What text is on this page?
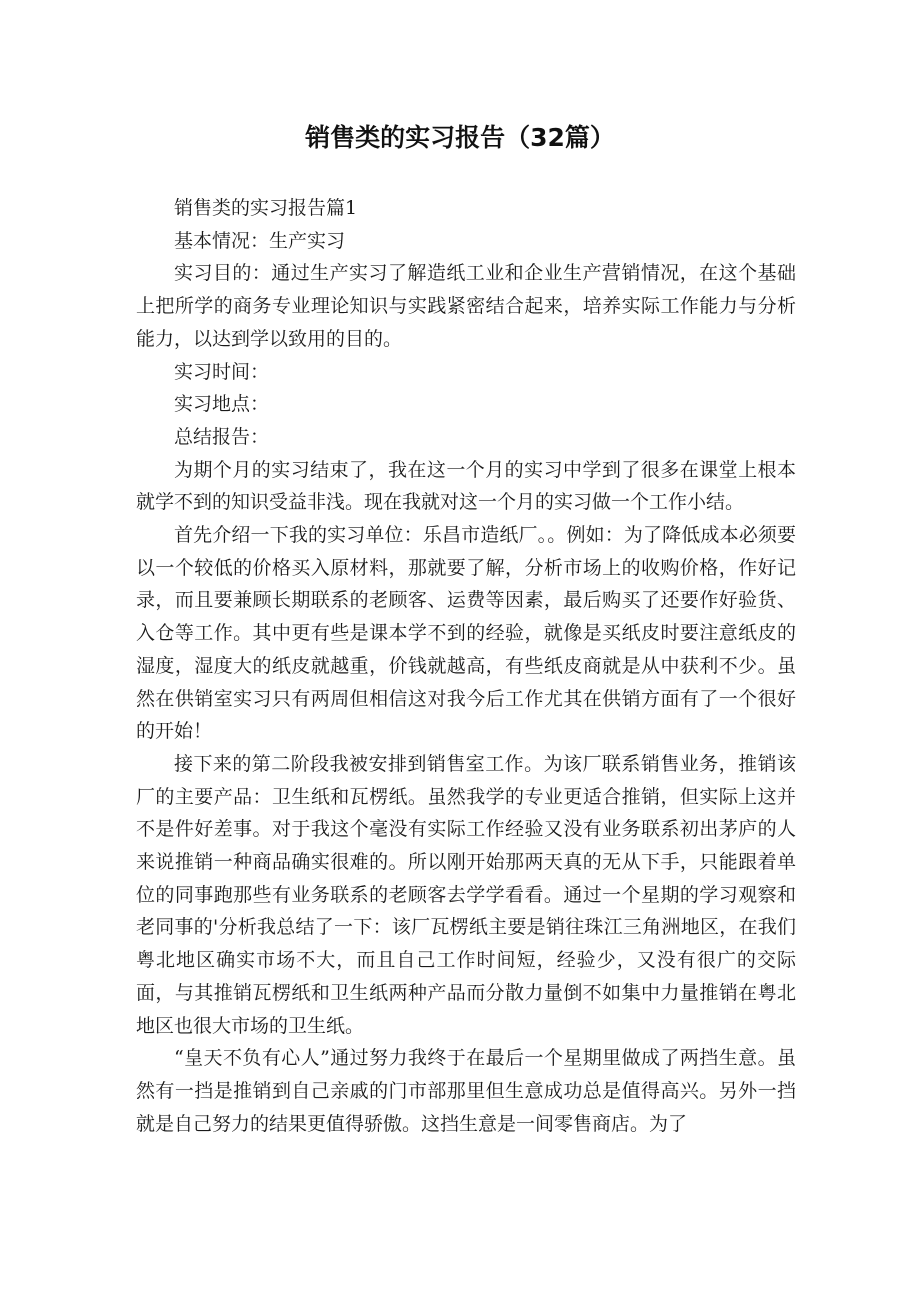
销售类的实习报告（32篇）

销售类的实习报告篇1

基本情况：生产实习

实习目的：通过生产实习了解造纸工业和企业生产营销情况，在这个基础上把所学的商务专业理论知识与实践紧密结合起来，培养实际工作能力与分析能力，以达到学以致用的目的。

实习时间：

实习地点：

总结报告：

为期个月的实习结束了，我在这一个月的实习中学到了很多在课堂上根本就学不到的知识受益非浅。现在我就对这一个月的实习做一个工作小结。

首先介绍一下我的实习单位：乐昌市造纸厂。。例如：为了降低成本必须要以一个较低的价格买入原材料，那就要了解，分析市场上的收购价格，作好记录，而且要兼顾长期联系的老顾客、运费等因素，最后购买了还要作好验货、入仓等工作。其中更有些是课本学不到的经验，就像是买纸皮时要注意纸皮的湿度，湿度大的纸皮就越重，价钱就越高，有些纸皮商就是从中获利不少。虽然在供销室实习只有两周但相信这对我今后工作尤其在供销方面有了一个很好的开始！

接下来的第二阶段我被安排到销售室工作。为该厂联系销售业务，推销该厂的主要产品：卫生纸和瓦楞纸。虽然我学的专业更适合推销，但实际上这并不是件好差事。对于我这个毫没有实际工作经验又没有业务联系初出茅庐的人来说推销一种商品确实很难的。所以刚开始那两天真的无从下手，只能跟着单位的同事跑那些有业务联系的老顾客去学学看看。通过一个星期的学习观察和老同事的'分析我总结了一下：该厂瓦楞纸主要是销往珠江三角洲地区，在我们粤北地区确实市场不大，而且自己工作时间短，经验少，又没有很广的交际面，与其推销瓦楞纸和卫生纸两种产品而分散力量倒不如集中力量推销在粤北地区也很大市场的卫生纸。

“皇天不负有心人”通过努力我终于在最后一个星期里做成了两挡生意。虽然有一挡是推销到自己亲戚的门市部那里但生意成功总是值得高兴。另外一挡就是自己努力的结果更值得骄傲。这挡生意是一间零售商店。为了
